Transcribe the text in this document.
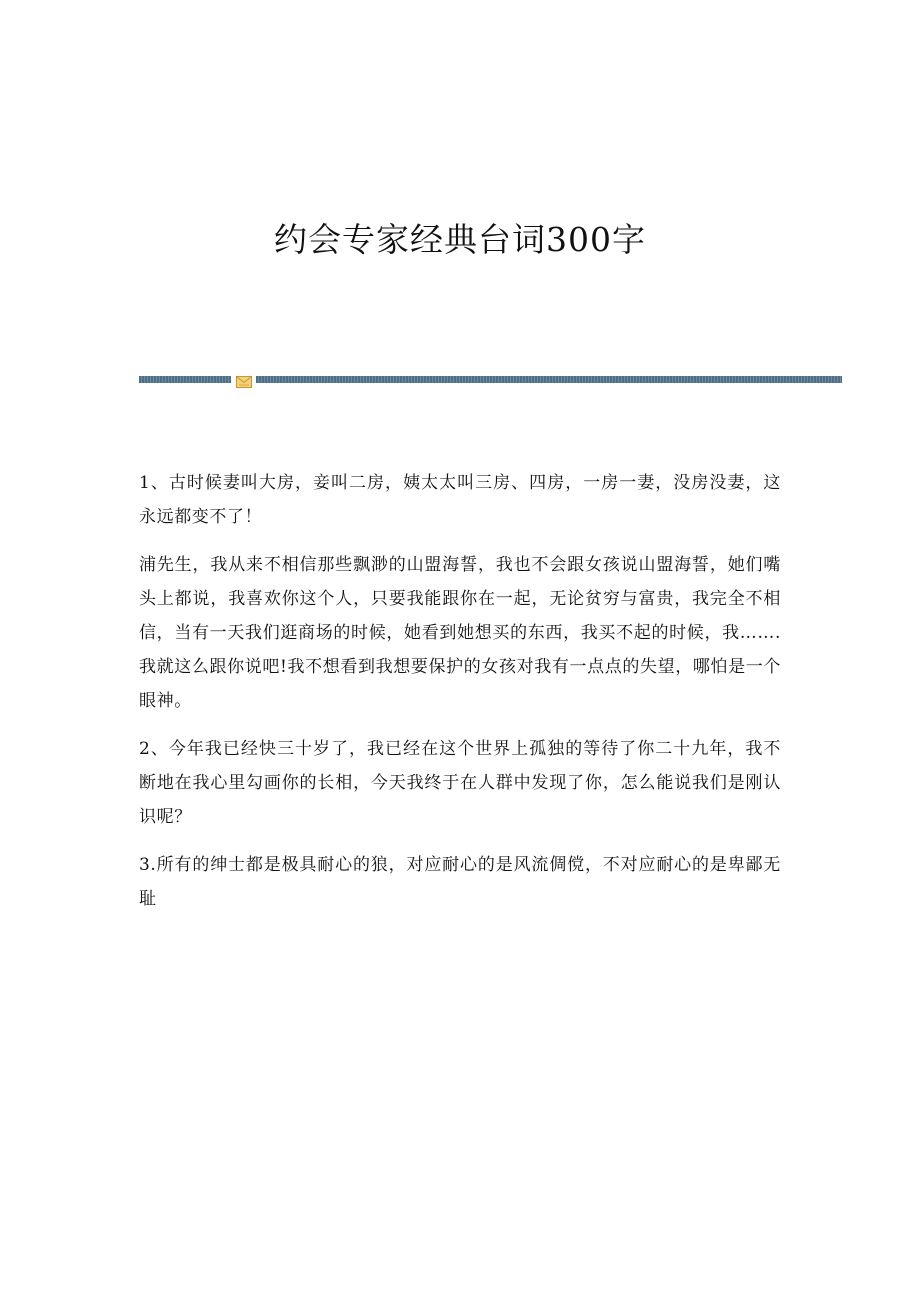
约会专家经典台词300字

1、古时候妻叫大房，妾叫二房，姨太太叫三房、四房，一房一妻，没房没妻，这永远都变不了！

浦先生，我从来不相信那些飘渺的山盟海誓，我也不会跟女孩说山盟海誓，她们嘴头上都说，我喜欢你这个人，只要我能跟你在一起，无论贫穷与富贵，我完全不相信，当有一天我们逛商场的时候，她看到她想买的东西，我买不起的时候，我…….我就这么跟你说吧!我不想看到我想要保护的女孩对我有一点点的失望，哪怕是一个眼神。

2、今年我已经快三十岁了，我已经在这个世界上孤独的等待了你二十九年，我不断地在我心里勾画你的长相，今天我终于在人群中发现了你，怎么能说我们是刚认识呢？

3.所有的绅士都是极具耐心的狼，对应耐心的是风流倜傥，不对应耐心的是卑鄙无耻
